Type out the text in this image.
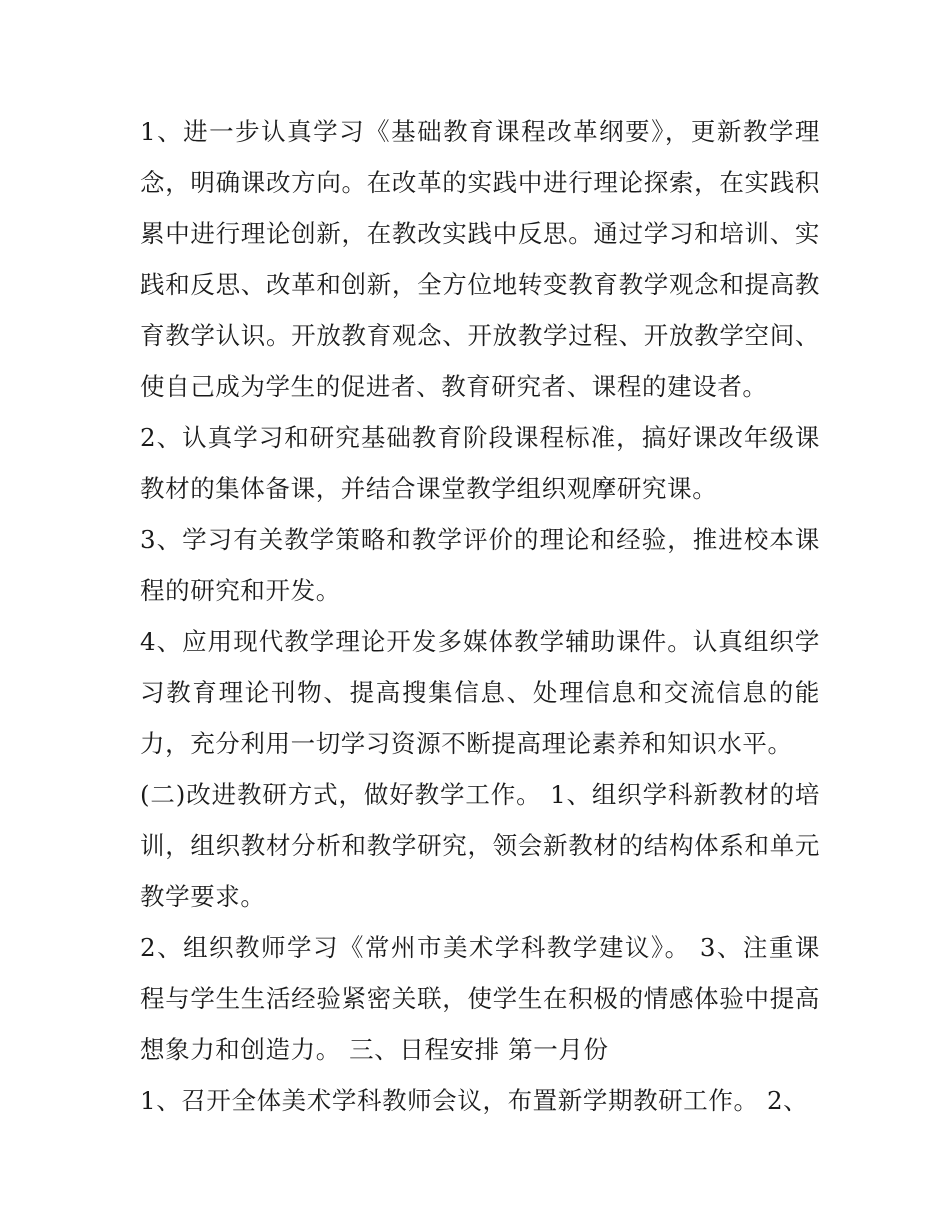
1、进一步认真学习《基础教育课程改革纲要》，更新教学理念，明确课改方向。在改革的实践中进行理论探索，在实践积累中进行理论创新，在教改实践中反思。通过学习和培训、实践和反思、改革和创新，全方位地转变教育教学观念和提高教育教学认识。开放教育观念、开放教学过程、开放教学空间、使自己成为学生的促进者、教育研究者、课程的建设者。

2、认真学习和研究基础教育阶段课程标准，搞好课改年级课教材的集体备课，并结合课堂教学组织观摩研究课。

3、学习有关教学策略和教学评价的理论和经验，推进校本课程的研究和开发。

4、应用现代教学理论开发多媒体教学辅助课件。认真组织学习教育理论刊物、提高搜集信息、处理信息和交流信息的能力，充分利用一切学习资源不断提高理论素养和知识水平。

(二)改进教研方式，做好教学工作。 1、组织学科新教材的培训，组织教材分析和教学研究，领会新教材的结构体系和单元教学要求。

2、组织教师学习《常州市美术学科教学建议》。 3、注重课程与学生生活经验紧密关联，使学生在积极的情感体验中提高想象力和创造力。 三、日程安排 第一月份

1、召开全体美术学科教师会议，布置新学期教研工作。 2、
